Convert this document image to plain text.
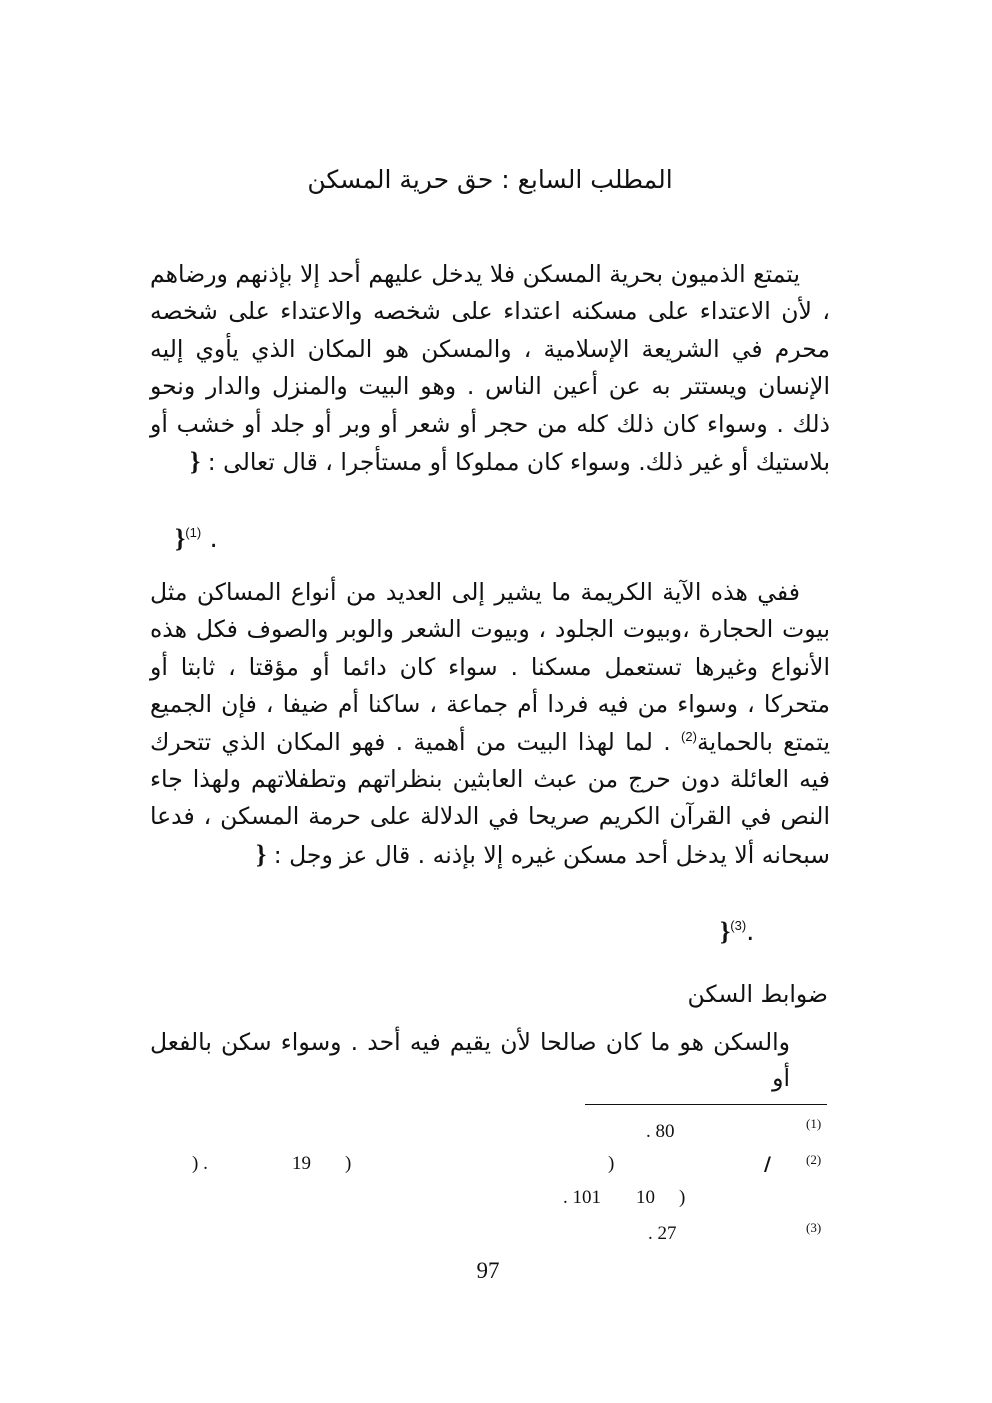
المطلب السابع : حق حرية المسكن
يتمتع الذميون بحرية المسكن فلا يدخل عليهم أحد إلا بإذنهم ورضاهم ، لأن الاعتداء على مسكنه اعتداء على شخصه والاعتداء على شخصه محرم في الشريعة الإسلامية ، والمسكن هو المكان الذي يأوي إليه الإنسان ويستتر به عن أعين الناس . وهو البيت والمنزل والدار ونحو ذلك . وسواء كان ذلك كله من حجر أو شعر أو وبر أو جلد أو خشب أو بلاستيك أو غير ذلك. وسواء كان مملوكا أو مستأجرا ، قال تعالى : {
. $^{(1)}${
ففي هذه الآية الكريمة ما يشير إلى العديد من أنواع المساكن مثل بيوت الحجارة ،وبيوت الجلود ، وبيوت الشعر والوبر والصوف فكل هذه الأنواع وغيرها تستعمل مسكنا . سواء كان دائما أو مؤقتا ، ثابتا أو متحركا ، وسواء من فيه فردا أم جماعة ، ساكنا أم ضيفا ، فإن الجميع يتمتع بالحماية$^{(2)}$ . لما لهذا البيت من أهمية . فهو المكان الذي تتحرك فيه العائلة دون حرج من عبث العابثين بنظراتهم وتطفلاتهم ولهذا جاء النص في القرآن الكريم صريحا في الدلالة على حرمة المسكن ، فدعا سبحانه ألا يدخل أحد مسكن غيره إلا بإذنه . قال عز وجل : {
.$^{(3)}${
ضوابط السكن
والسكن هو ما كان صالحا لأن يقيم فيه أحد . وسواء سكن بالفعل أو
(1)
. 80
(2)
/
)
)
19
) .
)
10
. 101
(3)
. 27
97
